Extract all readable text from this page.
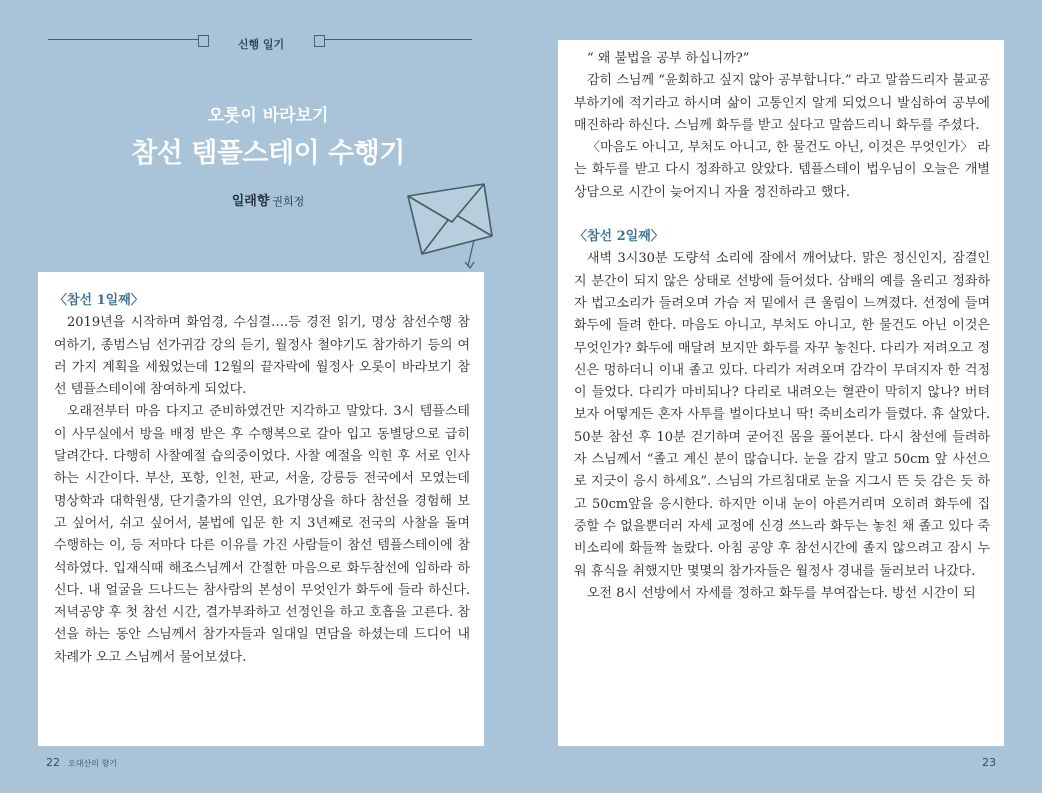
신행 일기
오롯이 바라보기
참선 템플스테이 수행기
일래향 권희정
〈참선 1일째〉
2019년을 시작하며 화엄경, 수심결….등 경전 읽기, 명상 참선수행 참여하기, 종범스님 선가귀감 강의 듣기, 월정사 철야기도 참가하기 등의 여러 가지 계획을 세웠었는데 12월의 끝자락에 월정사 오롯이 바라보기 참선 템플스테이에 참여하게 되었다.
오래전부터 마음 다지고 준비하였건만 지각하고 말았다. 3시 템플스테이 사무실에서 방을 배정 받은 후 수행복으로 갈아 입고 동별당으로 급히 달려간다. 다행히 사찰예절 습의중이었다. 사찰 예절을 익힌 후 서로 인사하는 시간이다. 부산, 포항, 인천, 판교, 서울, 강릉등 전국에서 모였는데 명상학과 대학원생, 단기출가의 인연, 요가명상을 하다 참선을 경험해 보고 싶어서, 쉬고 싶어서, 불법에 입문 한 지 3년째로 전국의 사찰을 돌며 수행하는 이, 등 저마다 다른 이유를 가진 사람들이 참선 템플스테이에 참석하였다. 입재식때 해조스님께서 간절한 마음으로 화두참선에 임하라 하신다. 내 얼굴을 드나드는 참사람의 본성이 무엇인가 화두에 들라 하신다. 저녁공양 후 첫 참선 시간, 결가부좌하고 선정인을 하고 호흡을 고른다. 참선을 하는 동안 스님께서 참가자들과 일대일 면담을 하셨는데 드디어 내 차례가 오고 스님께서 물어보셨다.
“ 왜 불법을 공부 하십니까?”
감히 스님께 “윤회하고 싶지 않아 공부합니다.” 라고 말씀드리자 불교공부하기에 적기라고 하시며 삶이 고통인지 알게 되었으니 발심하여 공부에 매진하라 하신다. 스님께 화두를 받고 싶다고 말씀드리니 화두를 주셨다.
〈마음도 아니고, 부처도 아니고, 한 물건도 아닌, 이것은 무엇인가〉 라는 화두를 받고 다시 정좌하고 앉았다. 템플스테이 법우님이 오늘은 개별 상담으로 시간이 늦어지니 자율 정진하라고 했다.
〈참선 2일째〉
새벽 3시30분 도량석 소리에 잠에서 깨어났다. 맑은 정신인지, 잠결인지 분간이 되지 않은 상태로 선방에 들어섰다. 삼배의 예를 올리고 정좌하자 법고소리가 들려오며 가슴 저 밑에서 큰 울림이 느껴졌다. 선정에 들며 화두에 들려 한다. 마음도 아니고, 부처도 아니고, 한 물건도 아닌 이것은 무엇인가? 화두에 매달려 보지만 화두를 자꾸 놓친다. 다리가 저려오고 정신은 멍하더니 이내 졸고 있다. 다리가 저려오며 감각이 무뎌지자 한 걱정이 들었다. 다리가 마비되나? 다리로 내려오는 혈관이 막히지 않나? 버텨보자 어떻게든 혼자 사투를 벌이다보니 딱! 죽비소리가 들렸다. 휴 살았다. 50분 참선 후 10분 걷기하며 굳어진 몸을 풀어본다. 다시 참선에 들려하자 스님께서 “졸고 계신 분이 많습니다. 눈을 감지 말고 50cm 앞 사선으로 지긋이 응시 하세요”. 스님의 가르침대로 눈을 지그시 뜬 듯 감은 듯 하고 50cm앞을 응시한다. 하지만 이내 눈이 아른거리며 오히려 화두에 집중할 수 없을뿐더러 자세 교정에 신경 쓰느라 화두는 놓친 채 졸고 있다 죽비소리에 화들짝 놀랐다. 아침 공양 후 참선시간에 졸지 않으려고 잠시 누워 휴식을 취했지만 몇몇의 참가자들은 월정사 경내를 둘러보러 나갔다.
오전 8시 선방에서 자세를 정하고 화두를 부여잡는다. 방선 시간이 되
22 오대산의 향기	23
